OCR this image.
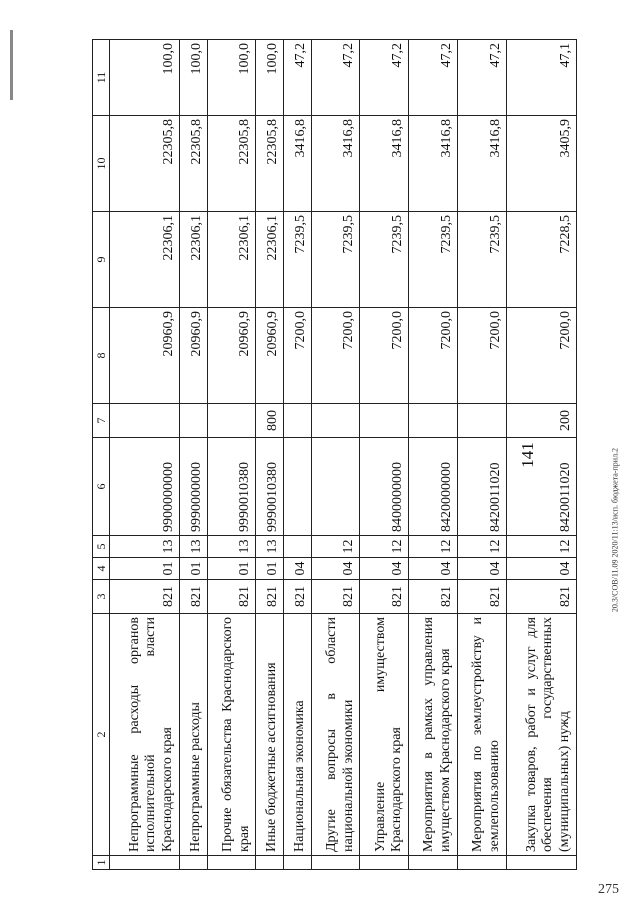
141	20.3/СОВ/11.09 2020/11:13/исп. бюджета-прил.2
275
1	2	3	4	5	6	7	8	9	10	11
	Непрограммные расходы органов исполнительной власти Краснодарского края	821	01	13	9900000000		20960,9	22306,1	22305,8	100,0
	Непрограммные расходы	821	01	13	9990000000		20960,9	22306,1	22305,8	100,0
	Прочие обязательства Краснодарского края	821	01	13	9990010380		20960,9	22306,1	22305,8	100,0
	Иные бюджетные ассигнования	821	01	13	9990010380	800	20960,9	22306,1	22305,8	100,0
	Национальная экономика	821	04				7200,0	7239,5	3416,8	47,2
	Другие вопросы в области национальной экономики	821	04	12			7200,0	7239,5	3416,8	47,2
	Управление имуществом Краснодарского края	821	04	12	8400000000		7200,0	7239,5	3416,8	47,2
	Мероприятия в рамках управления имуществом Краснодарского края	821	04	12	8420000000		7200,0	7239,5	3416,8	47,2
	Мероприятия по землеустройству и землепользованию	821	04	12	8420011020		7200,0	7239,5	3416,8	47,2
	Закупка товаров, работ и услуг для обеспечения государственных (муниципальных) нужд	821	04	12	8420011020	200	7200,0	7228,5	3405,9	47,1
